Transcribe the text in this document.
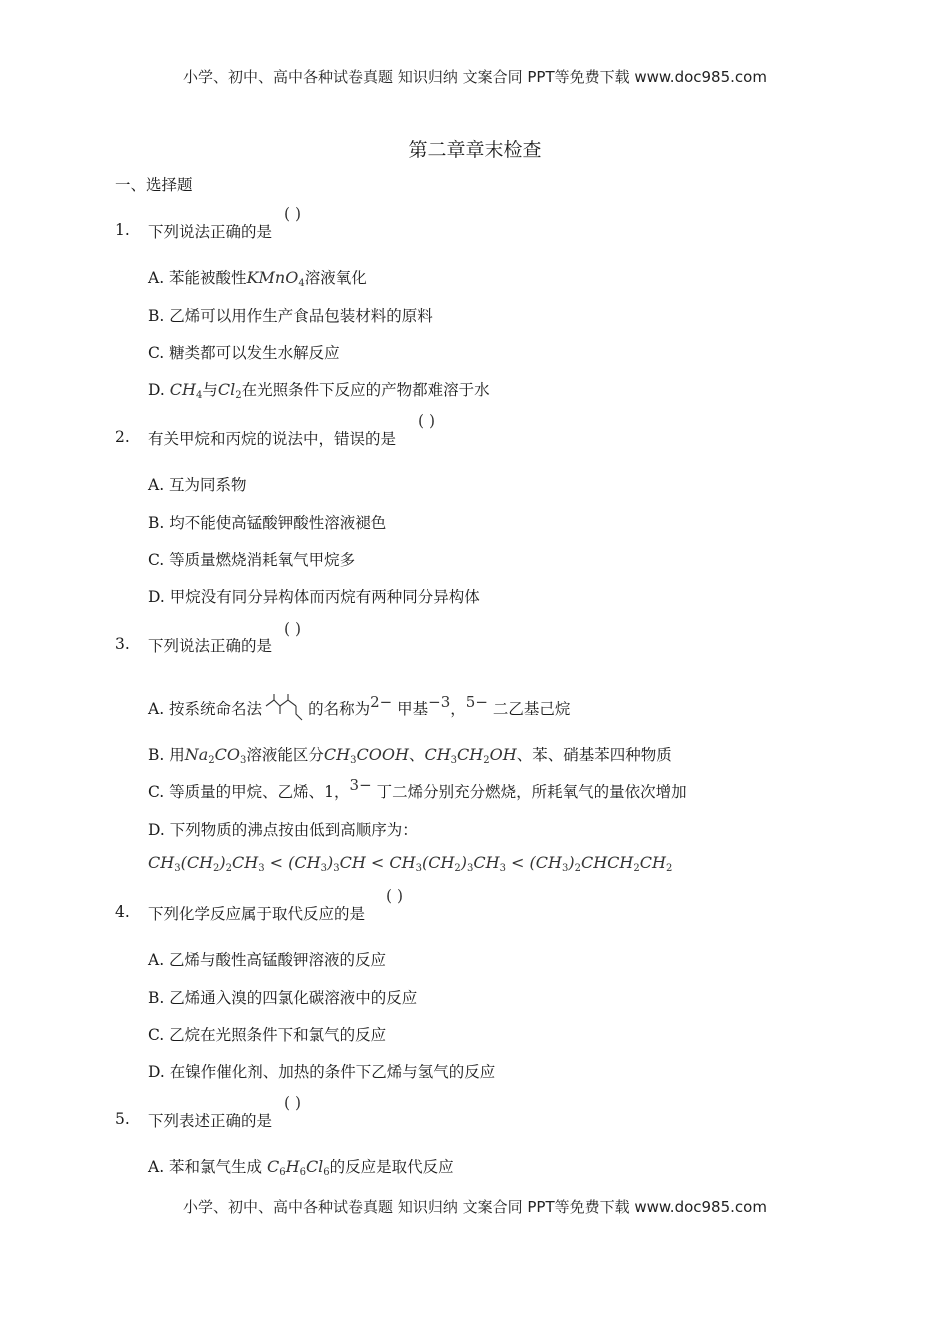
小学、初中、高中各种试卷真题 知识归纳 文案合同 PPT等免费下载 www.doc985.com
第二章章末检查
一、选择题
1. 下列说法正确的是
( )
A. 苯能被酸性KMnO$_4$溶液氧化
B. 乙烯可以用作生产食品包装材料的原料
C. 糖类都可以发生水解反应
D. $CH_4$与$Cl_2$在光照条件下反应的产物都难溶于水
2. 有关甲烷和丙烷的说法中，错误的是
( )
A. 互为同系物
B. 均不能使高锰酸钾酸性溶液褪色
C. 等质量燃烧消耗氧气甲烷多
D. 甲烷没有同分异构体而丙烷有两种同分异构体
3. 下列说法正确的是
( )
A. 按系统命名法	的名称为2− 甲基−3，5− 二乙基己烷
B. 用$Na_2CO_3$溶液能区分$CH_3COOH$、$CH_3CH_2OH$、苯、硝基苯四种物质
C. 等质量的甲烷、乙烯、1，3− 丁二烯分别充分燃烧，所耗氧气的量依次增加
D. 下列物质的沸点按由低到高顺序为：
$CH_3(CH_2)_2CH_3 < (CH_3)_3CH < CH_3(CH_2)_3CH_3$ < $(CH_3)_2CHCH_2CH_2$
4. 下列化学反应属于取代反应的是
( )
A. 乙烯与酸性高锰酸钾溶液的反应
B. 乙烯通入溴的四氯化碳溶液中的反应
C. 乙烷在光照条件下和氯气的反应
D. 在镍作催化剂、加热的条件下乙烯与氢气的反应
5. 下列表述正确的是
( )
A. 苯和氯气生成 $C_6H_6Cl_6$的反应是取代反应
小学、初中、高中各种试卷真题 知识归纳 文案合同 PPT等免费下载 www.doc985.com
